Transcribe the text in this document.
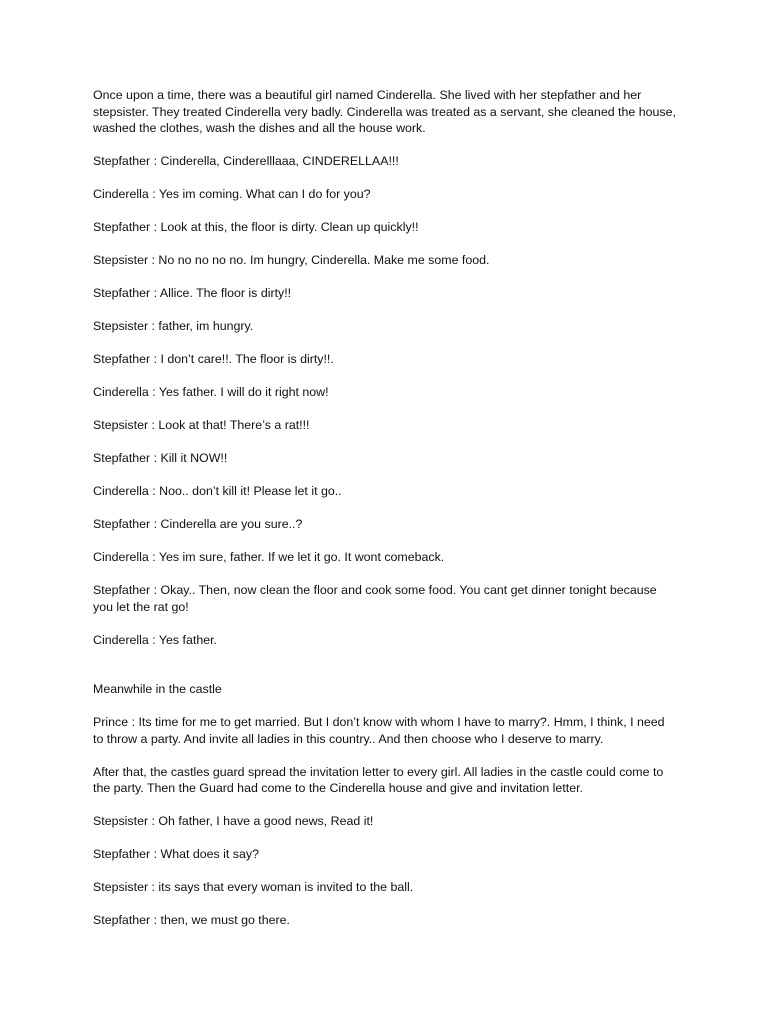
Once upon a time, there was a beautiful girl named Cinderella. She lived with her stepfather and her stepsister. They treated Cinderella very badly. Cinderella was treated as a servant, she cleaned the house, washed the clothes, wash the dishes and all the house work.

Stepfather : Cinderella, Cinderelllaaa, CINDERELLAA!!!

Cinderella : Yes im coming. What can I do for you?

Stepfather : Look at this, the floor is dirty. Clean up quickly!!

Stepsister : No no no no no. Im hungry, Cinderella. Make me some food.

Stepfather : Allice. The floor is dirty!!

Stepsister : father, im hungry.

Stepfather : I don’t care!!. The floor is dirty!!.

Cinderella : Yes father. I will do it right now!

Stepsister : Look at that! There’s a rat!!!

Stepfather : Kill it NOW!!

Cinderella : Noo.. don’t kill it! Please let it go..

Stepfather : Cinderella are you sure..?

Cinderella : Yes im sure, father. If we let it go. It wont comeback.

Stepfather : Okay.. Then, now clean the floor and cook some food. You cant get dinner tonight because you let the rat go!

Cinderella : Yes father.

Meanwhile in the castle

Prince : Its time for me to get married. But I don’t know with whom I have to marry?. Hmm, I think, I need to throw a party. And invite all ladies in this country.. And then choose who I deserve to marry.

After that, the castles guard spread the invitation letter to every girl. All ladies in the castle could come to the party. Then the Guard had come to the Cinderella house and give and invitation letter.

Stepsister : Oh father, I have a good news, Read it!

Stepfather : What does it say?

Stepsister : its says that every woman is invited to the ball.

Stepfather : then, we must go there.
